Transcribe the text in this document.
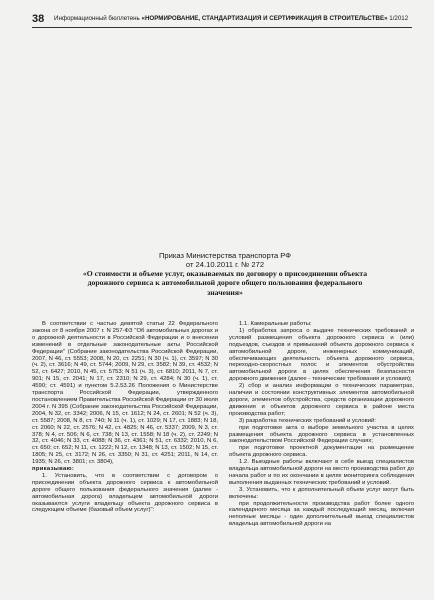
38 Информационный бюллетень «НОРМИРОВАНИЕ, СТАНДАРТИЗАЦИЯ И СЕРТИФИКАЦИЯ В СТРОИТЕЛЬСТВЕ» 1/2012
Приказ Министерства транспорта РФ
от 24.10.2011 г. № 272
«О стоимости и объеме услуг, оказываемых по договору о присоединении объекта
дорожного сервиса к автомобильной дороге общего пользования федерального значения»

В соответствии с частью девятой статьи 22 Федерального закона от 8 ноября 2007 г. N 257-ФЗ "Об автомобильных дорогах и о дорожной деятельности в Российской Федерации и о внесении изменений в отдельные законодательные акты Российской Федерации" (Собрание законодательства Российской Федерации, 2007, N 46, ст. 5553; 2008, N 20, ст. 2251; N 30 (ч. 1), ст. 3597; N 30 (ч. 2), ст. 3616; N 49, ст. 5744; 2009, N 29, ст. 3582; N 39, ст. 4532; N 52, ст. 6427; 2010, N 45, ст. 5753; N 51 (ч. 3), ст. 6810; 2011, N 7, ст. 901; N 15, ст. 2041; N 17, ст. 2310; N 29, ст. 4284; N 30 (ч. 1), ст. 4590; ст. 4591) и пунктом 5.2.53.26 Положения о Министерстве транспорта Российской Федерации, утвержденного постановлением Правительства Российской Федерации от 30 июля 2004 г. N 395 (Собрание законодательства Российской Федерации, 2004, N 32, ст. 3342; 2006, N 15, ст. 1612; N 24, ст. 2601; N 52 (ч. 3), ст. 5587; 2008, N 8, ст. 740; N 11 (ч. 1), ст. 1029; N 17, ст. 1883; N 18, ст. 2060; N 22, ст. 2576; N 42, ст. 4825; N 46, ст. 5337; 2009, N 3, ст. 378; N 4, ст. 506; N 6, ст. 738; N 13, ст. 1558; N 18 (ч. 2), ст. 2249; N 32, ст. 4046; N 33, ст. 4088; N 36, ст. 4361; N 51, ст. 6332; 2010, N 6, ст. 650; ст. 652; N 11, ст. 1222; N 12, ст. 1348; N 13, ст. 1502; N 15, ст. 1805; N 25, ст. 3172; N 26, ст. 3350; N 31, ст. 4251; 2011, N 14, ст. 1935; N 26, ст. 3801; ст. 3804),

приказываю:

1. Установить, что в соответствии с договором о присоединении объекта дорожного сервиса к автомобильной дороге общего пользования федерального значения (далее - автомобильная дорога) владельцем автомобильной дороги оказываются услуги владельцу объекта дорожного сервиса в следующем объеме (базовый объем услуг)":

1.1. Камеральные работы:

1) обработка запроса о выдаче технических требований и условий размещения объекта дорожного сервиса и (или) подъездов, съездов и примыканий объекта дорожного сервиса к автомобильной дороге, инженерных коммуникаций, обеспечивающих деятельность объекта дорожного сервиса, переходно-скоростных полос и элементов обустройства автомобильной дороги в целях обеспечения безопасности дорожного движения (далее - технические требования и условия);

2) сбор и анализ информации о технических параметрах, наличии и состоянии конструктивных элементов автомобильной дороги, элементов обустройства, средств организации дорожного движения и объектов дорожного сервиса в районе места производства работ;

3) разработка технических требований и условий:

при подготовке акта о выборе земельного участка в целях размещения объекта дорожного сервиса в установленных законодательством Российской Федерации случаях;

при подготовке проектной документации на размещение объекта дорожного сервиса.

1.2. Выездные работы включают в себя выезд специалистов владельца автомобильной дороги на место производства работ до начала работ и по их окончании в целях мониторинга соблюдения выполнения выданных технических требований и условий.

3. Установить, что к дополнительный объем услуг могут быть включены:

при продолжительности производства работ более одного календарного месяца за каждый последующий месяц, включая неполные месяцы - один дополнительный выезд специалистов владельца автомобильной дороги на
